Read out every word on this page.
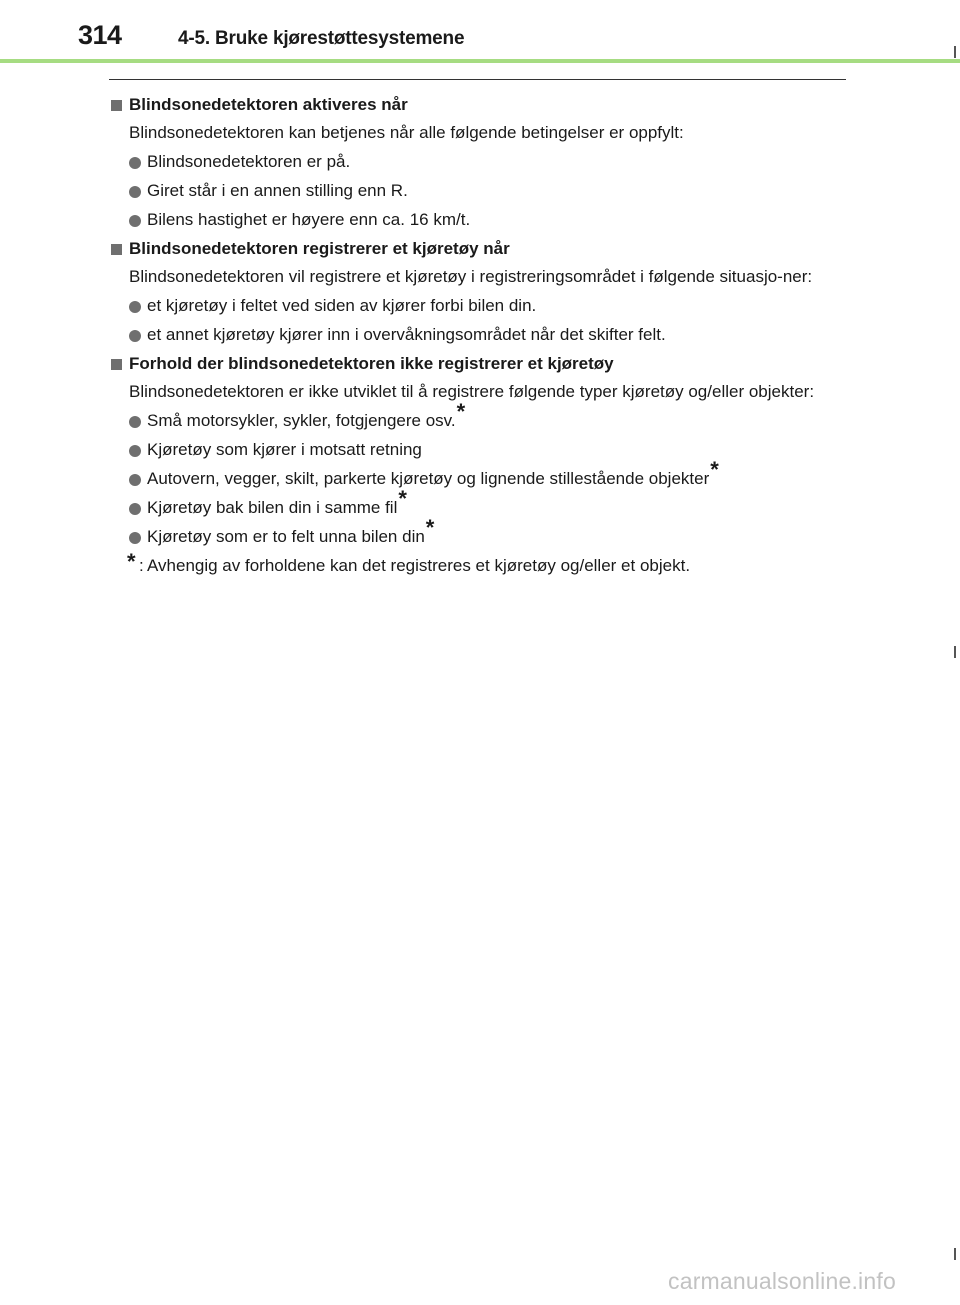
314	4-5. Bruke kjørestøttesystemene
Blindsonedetektoren aktiveres når
Blindsonedetektoren kan betjenes når alle følgende betingelser er oppfylt:
Blindsonedetektoren er på.
Giret står i en annen stilling enn R.
Bilens hastighet er høyere enn ca. 16 km/t.
Blindsonedetektoren registrerer et kjøretøy når
Blindsonedetektoren vil registrere et kjøretøy i registreringsområdet i følgende situasjo-ner:
et kjøretøy i feltet ved siden av kjører forbi bilen din.
et annet kjøretøy kjører inn i overvåkningsområdet når det skifter felt.
Forhold der blindsonedetektoren ikke registrerer et kjøretøy
Blindsonedetektoren er ikke utviklet til å registrere følgende typer kjøretøy og/eller objekter:
Små motorsykler, sykler, fotgjengere osv.*
Kjøretøy som kjører i motsatt retning
Autovern, vegger, skilt, parkerte kjøretøy og lignende stillestående objekter*
Kjøretøy bak bilen din i samme fil*
Kjøretøy som er to felt unna bilen din*
* : Avhengig av forholdene kan det registreres et kjøretøy og/eller et objekt.
carmanualsonline.info
